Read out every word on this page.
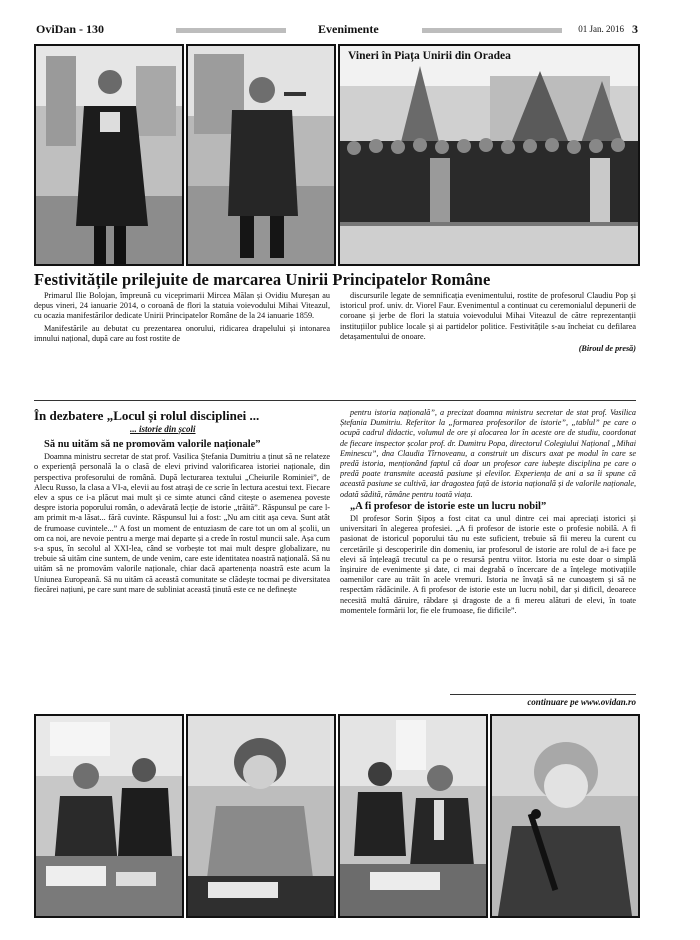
OviDan - 130	Evenimente	01 Jan. 2016 3
Vineri în Piața Unirii din Oradea
Festivitățile prilejuite de marcarea Unirii Principatelor Române

Primarul Ilie Bolojan, împreună cu viceprimarii Mircea Mălan și Ovidiu Mureșan au depus vineri, 24 ianuarie 2014, o coroană de flori la statuia voievodului Mihai Viteazul, cu ocazia manifestărilor dedicate Unirii Principatelor Române de la 24 ianuarie 1859.

Manifestările au debutat cu prezentarea onorului, ridicarea drapelului și intonarea imnului național, după care au fost rostite de

discursurile legate de semnificația evenimentului, rostite de profesorul Claudiu Pop și istoricul prof. univ. dr. Viorel Faur. Evenimentul a continuat cu ceremonialul depunerii de coroane și jerbe de flori la statuia voievodului Mihai Viteazul de către reprezentanții instituțiilor publice locale și ai partidelor politice. Festivitățile s-au încheiat cu defilarea detașamentului de onoare.

(Biroul de presă)
În dezbatere „Locul și rolul disciplinei ...
... istorie din școli
Să nu uităm să ne promovăm valorile naționale”

Doamna ministru secretar de stat prof. Vasilica Ștefania Dumitriu a ținut să ne relateze o experiență personală la o clasă de elevi privind valorificarea istoriei naționale, din perspectiva profesorului de română. După lecturarea textului „Cheiurile Rominiei”, de Alecu Russo, la clasa a VI-a, elevii au fost atrași de ce scrie în lectura acestui text. Fiecare elev a spus ce i-a plăcut mai mult și ce simte atunci când citește o asemenea poveste despre istoria poporului român, o adevărată lecție de istorie „trăită”. Răspunsul pe care l-am primit m-a lăsat... fără cuvinte. Răspunsul lui a fost: „Nu am citit așa ceva. Sunt atât de frumoase cuvintele...” A fost un moment de entuziasm de care tot un om al școlii, un om ca noi, are nevoie pentru a merge mai departe și a crede în rostul muncii sale. Așa cum s-a spus, în secolul al XXI-lea, când se vorbește tot mai mult despre globalizare, nu trebuie să uităm cine suntem, de unde venim, care este identitatea noastră națională. Să nu uităm să ne promovăm valorile naționale, chiar dacă apartenența noastră este acum la Uniunea Europeană. Să nu uităm că această comunitate se clădește tocmai pe diversitatea fiecărei națiuni, pe care sunt mare de subliniat această ținută este ce ne definește

pentru istoria națională”, a precizat doamna ministru secretar de stat prof. Vasilica Ștefania Dumitriu. Referitor la „formarea profesorilor de istorie”, „tablul” pe care o ocupă cadrul didactic, volumul de ore și alocarea lor în aceste ore de studiu, coordonat de fiecare inspector școlar prof. dr. Dumitru Popa, directorul Colegiului Național „Mihai Eminescu”, dna Claudia Tîrnoveanu, a construit un discurs axat pe modul în care se predă istoria, menționând faptul că doar un profesor care iubește disciplina pe care o predă poate transmite această pasiune și elevilor. Experiența de ani a sa îi spune că această pasiune se cultivă, iar dragostea față de istoria națională și de valorile naționale, odată sădită, rămâne pentru toată viața.

„A fi profesor de istorie este un lucru nobil”

Dl profesor Sorin Șipoș a fost citat ca unul dintre cei mai apreciați istorici și universitari în alegerea profesiei. „A fi profesor de istorie este o profesie nobilă. A fi pasionat de istoricul poporului tău nu este suficient, trebuie să fii mereu la curent cu cercetările și descoperirile din domeniu, iar profesorul de istorie are rolul de a-i face pe elevi să înțeleagă trecutul ca pe o resursă pentru viitor. Istoria nu este doar o simplă înșiruire de evenimente și date, ci mai degrabă o încercare de a înțelege motivațiile oamenilor care au trăit în acele vremuri. Istoria ne învață să ne cunoaștem și să ne respectăm rădăcinile. A fi profesor de istorie este un lucru nobil, dar și dificil, deoarece necesită multă dăruire, răbdare și dragoste de a fi mereu alături de elevi, în toate momentele formării lor, fie ele frumoase, fie dificile”.

continuare pe www.ovidan.ro
